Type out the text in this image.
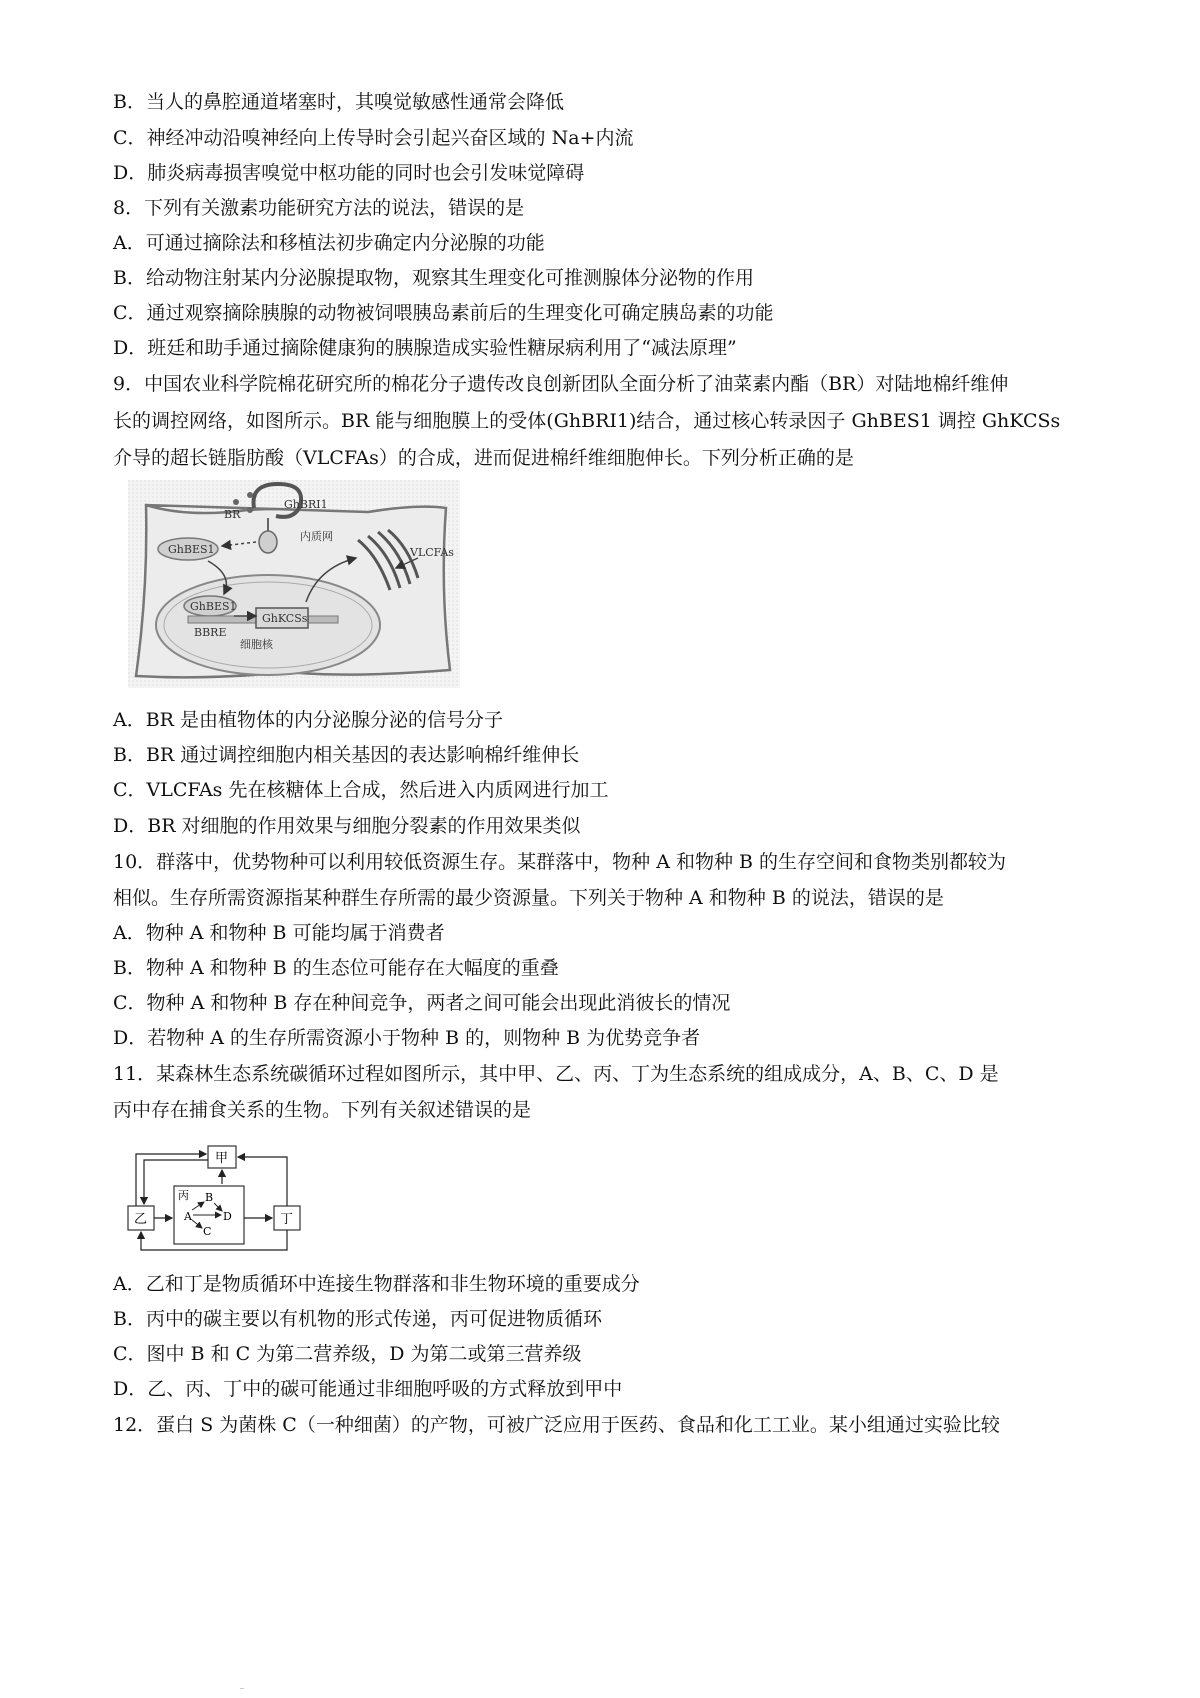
B．当人的鼻腔通道堵塞时，其嗅觉敏感性通常会降低
C．神经冲动沿嗅神经向上传导时会引起兴奋区域的 Na+内流
D．肺炎病毒损害嗅觉中枢功能的同时也会引发味觉障碍
8．下列有关激素功能研究方法的说法，错误的是
A．可通过摘除法和移植法初步确定内分泌腺的功能
B．给动物注射某内分泌腺提取物，观察其生理变化可推测腺体分泌物的作用
C．通过观察摘除胰腺的动物被饲喂胰岛素前后的生理变化可确定胰岛素的功能
D．班廷和助手通过摘除健康狗的胰腺造成实验性糖尿病利用了“减法原理”
9．中国农业科学院棉花研究所的棉花分子遗传改良创新团队全面分析了油菜素内酯（BR）对陆地棉纤维伸
长的调控网络，如图所示。BR 能与细胞膜上的受体(GhBRI1)结合，通过核心转录因子 GhBES1 调控 GhKCSs
介导的超长链脂肪酸（VLCFAs）的合成，进而促进棉纤维细胞伸长。下列分析正确的是
BR
GhBRI1
内质网
VLCFAs
GhBES1
GhBES1
GhKCSs
BBRE
细胞核
A．BR 是由植物体的内分泌腺分泌的信号分子
B．BR 通过调控细胞内相关基因的表达影响棉纤维伸长
C．VLCFAs 先在核糖体上合成，然后进入内质网进行加工
D．BR 对细胞的作用效果与细胞分裂素的作用效果类似
10．群落中，优势物种可以利用较低资源生存。某群落中，物种 A 和物种 B 的生存空间和食物类别都较为
相似。生存所需资源指某种群生存所需的最少资源量。下列关于物种 A 和物种 B 的说法，错误的是
A．物种 A 和物种 B 可能均属于消费者
B．物种 A 和物种 B 的生态位可能存在大幅度的重叠
C．物种 A 和物种 B 存在种间竞争，两者之间可能会出现此消彼长的情况
D．若物种 A 的生存所需资源小于物种 B 的，则物种 B 为优势竞争者
11．某森林生态系统碳循环过程如图所示，其中甲、乙、丙、丁为生态系统的组成成分，A、B、C、D 是
丙中存在捕食关系的生物。下列有关叙述错误的是
甲
乙
丙
丁
A
B
C
D
A．乙和丁是物质循环中连接生物群落和非生物环境的重要成分
B．丙中的碳主要以有机物的形式传递，丙可促进物质循环
C．图中 B 和 C 为第二营养级，D 为第二或第三营养级
D．乙、丙、丁中的碳可能通过非细胞呼吸的方式释放到甲中
12．蛋白 S 为菌株 C（一种细菌）的产物，可被广泛应用于医药、食品和化工工业。某小组通过实验比较
